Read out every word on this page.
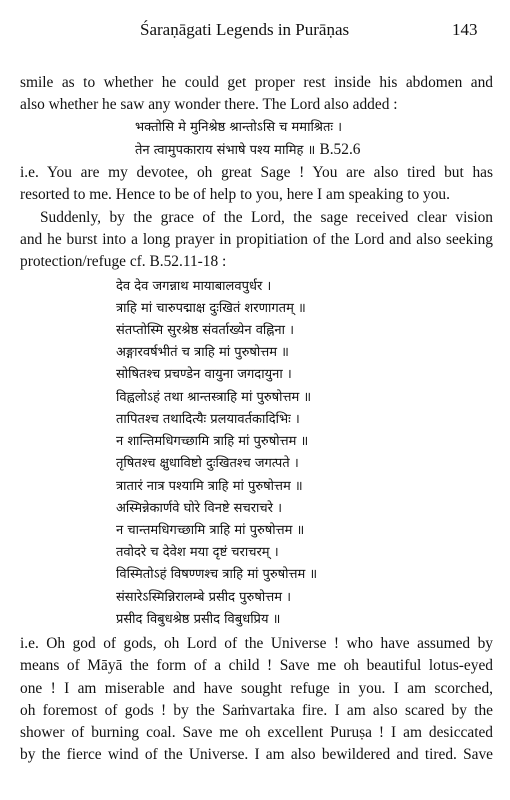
Śaraṇāgati Legends in Purāṇas	143

smile as to whether he could get proper rest inside his abdomen and
also whether he saw any wonder there. The Lord also added :

भक्तोसि मे मुनिश्रेष्ठ श्रान्तोऽसि च ममाश्रितः ।
तेन त्वामुपकाराय संभाषे पश्य मामिह ॥ B.52.6

i.e. You are my devotee, oh great Sage ! You are also tired but has
resorted to me. Hence to be of help to you, here I am speaking to you.

Suddenly, by the grace of the Lord, the sage received clear vision
and he burst into a long prayer in propitiation of the Lord and also seeking
protection/refuge cf. B.52.11-18 :

देव देव जगन्नाथ मायाबालवपुर्धर ।
त्राहि मां चारुपद्माक्ष दुःखितं शरणागतम् ॥
संतप्तोस्मि सुरश्रेष्ठ संवर्ताख्येन वह्निना ।
अङ्गारवर्षभीतं च त्राहि मां पुरुषोत्तम ॥
सोषितश्च प्रचण्डेन वायुना जगदायुना ।
विह्वलोऽहं तथा श्रान्तस्त्राहि मां पुरुषोत्तम ॥
तापितश्च तथादित्यैः प्रलयावर्तकादिभिः ।
न शान्तिमधिगच्छामि त्राहि मां पुरुषोत्तम ॥
तृषितश्च क्षुधाविष्टो दुःखितश्च जगत्पते ।
त्रातारं नात्र पश्यामि त्राहि मां पुरुषोत्तम ॥
अस्मिन्नेकार्णवे घोरे विनष्टे सचराचरे ।
न चान्तमधिगच्छामि त्राहि मां पुरुषोत्तम ॥
तवोदरे च देवेश मया दृष्टं चराचरम् ।
विस्मितोऽहं विषण्णश्च त्राहि मां पुरुषोत्तम ॥
संसारेऽस्मिन्निरालम्बे प्रसीद पुरुषोत्तम ।
प्रसीद विबुधश्रेष्ठ प्रसीद विबुधप्रिय ॥

i.e. Oh god of gods, oh Lord of the Universe ! who have assumed by
means of Māyā the form of a child ! Save me oh beautiful lotus-eyed
one ! I am miserable and have sought refuge in you. I am scorched,
oh foremost of gods ! by the Saṁvartaka fire. I am also scared by the
shower of burning coal. Save me oh excellent Puruṣa ! I am desiccated
by the fierce wind of the Universe. I am also bewildered and tired. Save
